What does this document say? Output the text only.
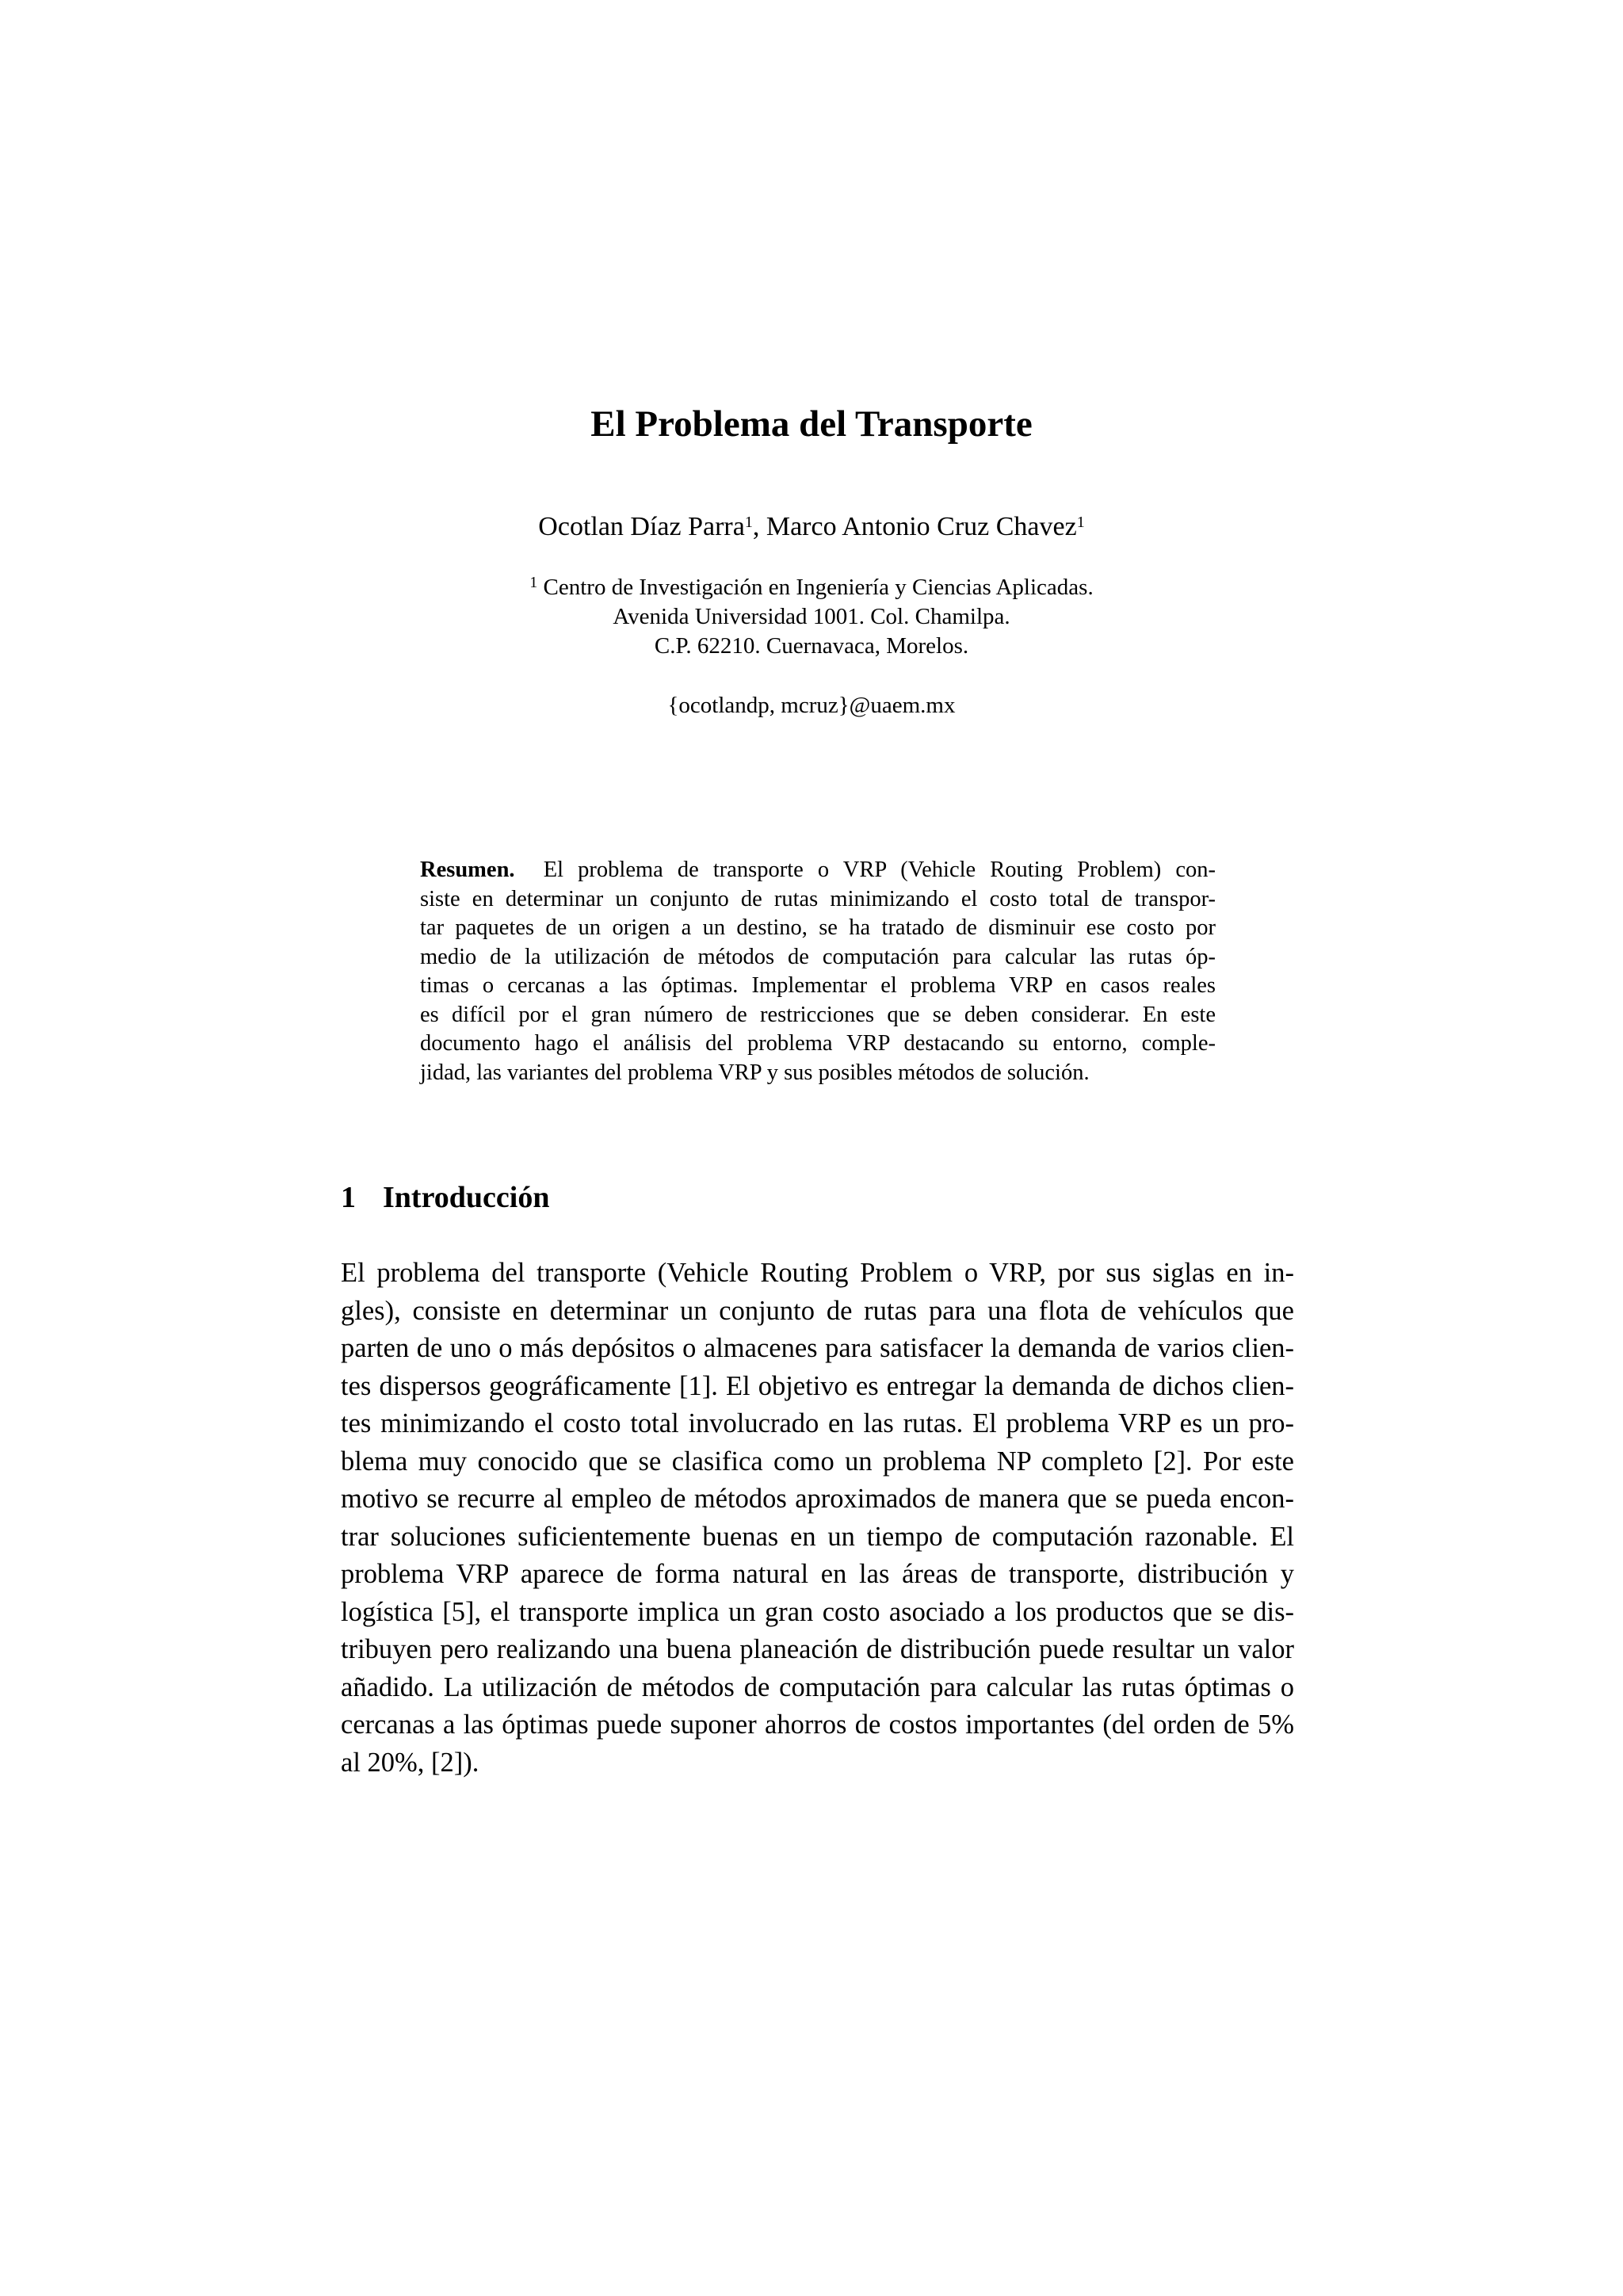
El Problema del Transporte
Ocotlan Díaz Parra$^1$, Marco Antonio Cruz Chavez$^1$
$^1$ Centro de Investigación en Ingeniería y Ciencias Aplicadas.
Avenida Universidad 1001. Col. Chamilpa.
C.P. 62210. Cuernavaca, Morelos.
{ocotlandp, mcruz}@uaem.mx
Resumen. El problema de transporte o VRP (Vehicle Routing Problem) con-
siste en determinar un conjunto de rutas minimizando el costo total de transpor-
tar paquetes de un origen a un destino, se ha tratado de disminuir ese costo por
medio de la utilización de métodos de computación para calcular las rutas óp-
timas o cercanas a las óptimas. Implementar el problema VRP en casos reales
es difícil por el gran número de restricciones que se deben considerar. En este
documento hago el análisis del problema VRP destacando su entorno, comple-
jidad, las variantes del problema VRP y sus posibles métodos de solución.
1 Introducción
El problema del transporte (Vehicle Routing Problem o VRP, por sus siglas en in-
gles), consiste en determinar un conjunto de rutas para una flota de vehículos que
parten de uno o más depósitos o almacenes para satisfacer la demanda de varios clien-
tes dispersos geográficamente [1]. El objetivo es entregar la demanda de dichos clien-
tes minimizando el costo total involucrado en las rutas. El problema VRP es un pro-
blema muy conocido que se clasifica como un problema NP completo [2]. Por este
motivo se recurre al empleo de métodos aproximados de manera que se pueda encon-
trar soluciones suficientemente buenas en un tiempo de computación razonable. El
problema VRP aparece de forma natural en las áreas de transporte, distribución y
logística [5], el transporte implica un gran costo asociado a los productos que se dis-
tribuyen pero realizando una buena planeación de distribución puede resultar un valor
añadido. La utilización de métodos de computación para calcular las rutas óptimas o
cercanas a las óptimas puede suponer ahorros de costos importantes (del orden de 5%
al 20%, [2]).
